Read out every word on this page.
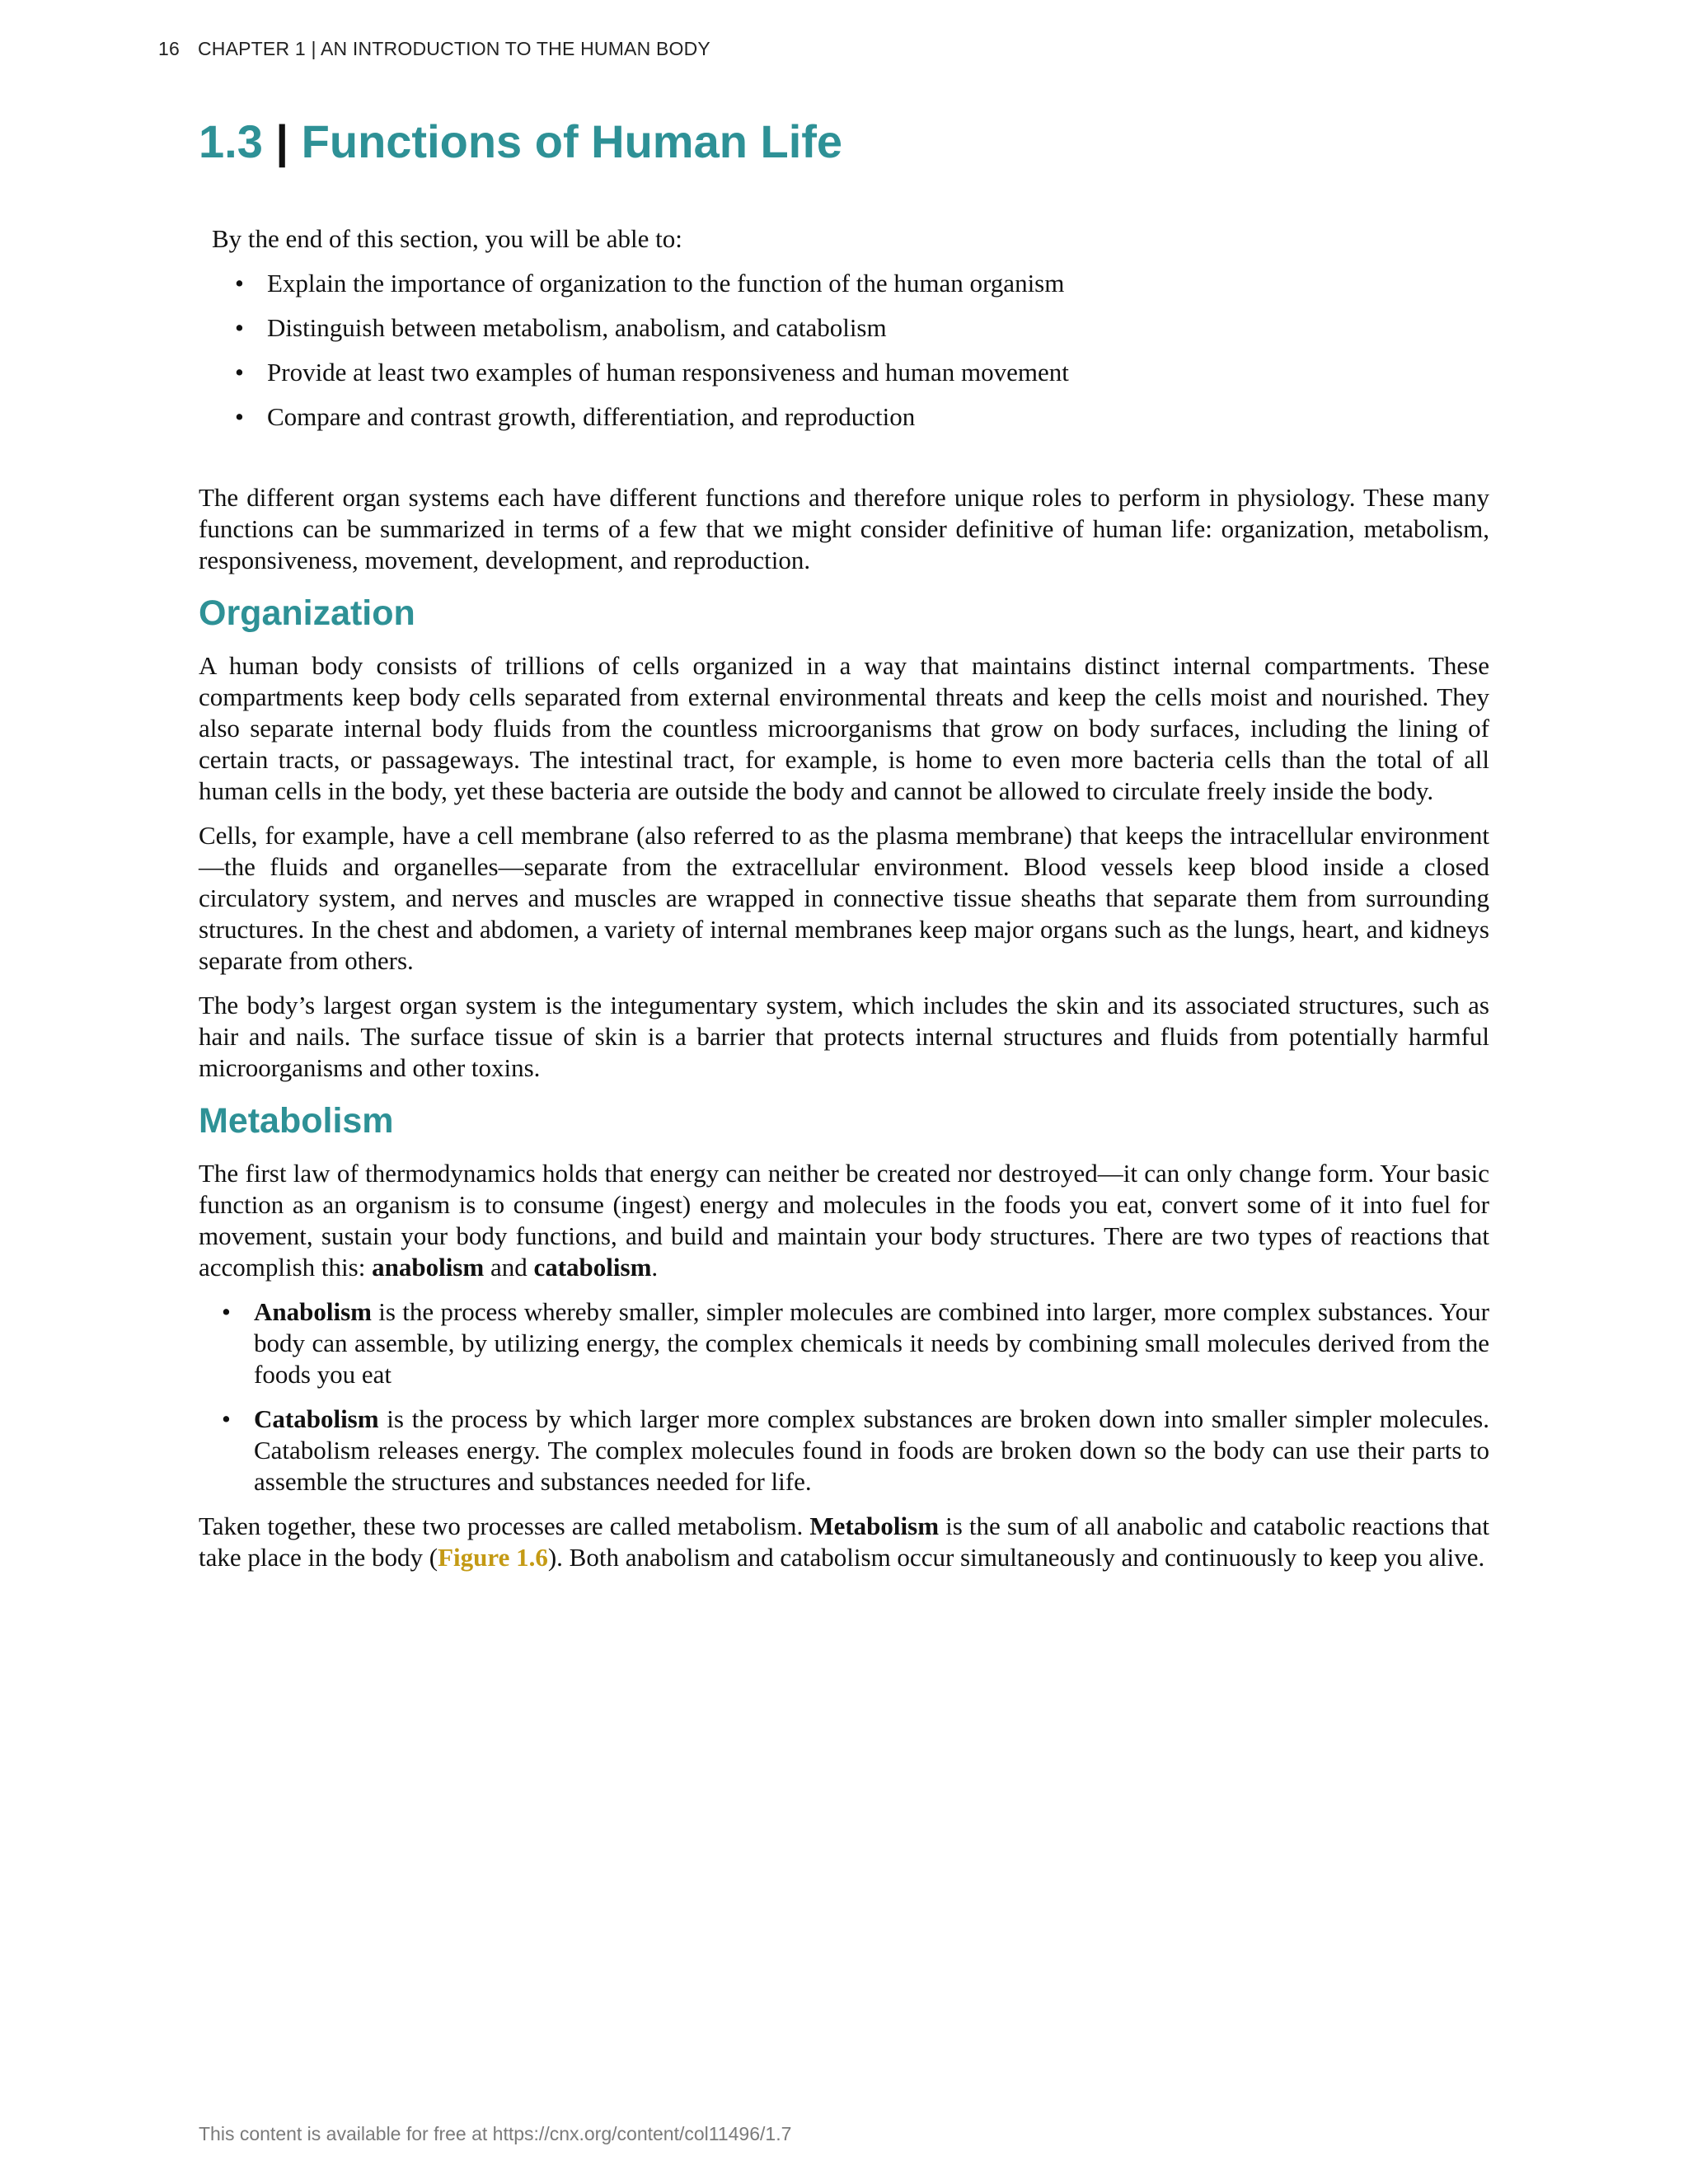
16 CHAPTER 1 | AN INTRODUCTION TO THE HUMAN BODY
1.3 | Functions of Human Life

By the end of this section, you will be able to:

• Explain the importance of organization to the function of the human organism
• Distinguish between metabolism, anabolism, and catabolism
• Provide at least two examples of human responsiveness and human movement
• Compare and contrast growth, differentiation, and reproduction

The different organ systems each have different functions and therefore unique roles to perform in physiology. These many functions can be summarized in terms of a few that we might consider definitive of human life: organization, metabolism, responsiveness, movement, development, and reproduction.

Organization

A human body consists of trillions of cells organized in a way that maintains distinct internal compartments. These compartments keep body cells separated from external environmental threats and keep the cells moist and nourished. They also separate internal body fluids from the countless microorganisms that grow on body surfaces, including the lining of certain tracts, or passageways. The intestinal tract, for example, is home to even more bacteria cells than the total of all human cells in the body, yet these bacteria are outside the body and cannot be allowed to circulate freely inside the body.

Cells, for example, have a cell membrane (also referred to as the plasma membrane) that keeps the intracellular environment—the fluids and organelles—separate from the extracellular environment. Blood vessels keep blood inside a closed circulatory system, and nerves and muscles are wrapped in connective tissue sheaths that separate them from surrounding structures. In the chest and abdomen, a variety of internal membranes keep major organs such as the lungs, heart, and kidneys separate from others.

The body’s largest organ system is the integumentary system, which includes the skin and its associated structures, such as hair and nails. The surface tissue of skin is a barrier that protects internal structures and fluids from potentially harmful microorganisms and other toxins.

Metabolism

The first law of thermodynamics holds that energy can neither be created nor destroyed—it can only change form. Your basic function as an organism is to consume (ingest) energy and molecules in the foods you eat, convert some of it into fuel for movement, sustain your body functions, and build and maintain your body structures. There are two types of reactions that accomplish this: anabolism and catabolism.

• Anabolism is the process whereby smaller, simpler molecules are combined into larger, more complex substances. Your body can assemble, by utilizing energy, the complex chemicals it needs by combining small molecules derived from the foods you eat
• Catabolism is the process by which larger more complex substances are broken down into smaller simpler molecules. Catabolism releases energy. The complex molecules found in foods are broken down so the body can use their parts to assemble the structures and substances needed for life.

Taken together, these two processes are called metabolism. Metabolism is the sum of all anabolic and catabolic reactions that take place in the body (Figure 1.6). Both anabolism and catabolism occur simultaneously and continuously to keep you alive.

This content is available for free at https://cnx.org/content/col11496/1.7
